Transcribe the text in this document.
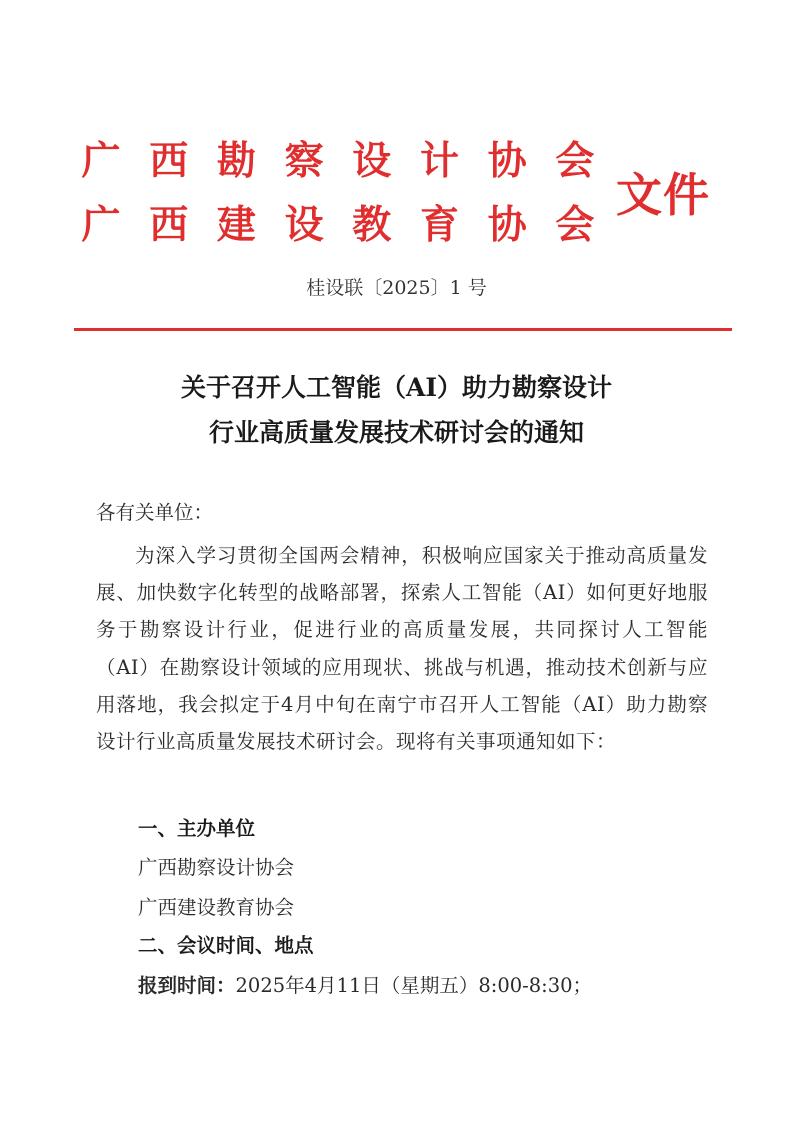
广 西 勘 察 设 计 协 会
广 西 建 设 教 育 协 会
文件
桂设联〔2025〕1 号
关于召开人工智能（AI）助力勘察设计
行业高质量发展技术研讨会的通知
各有关单位：
为深入学习贯彻全国两会精神，积极响应国家关于推动高质量发展、加快数字化转型的战略部署，探索人工智能（AI）如何更好地服务于勘察设计行业，促进行业的高质量发展，共同探讨人工智能（AI）在勘察设计领域的应用现状、挑战与机遇，推动技术创新与应用落地，我会拟定于4月中旬在南宁市召开人工智能（AI）助力勘察设计行业高质量发展技术研讨会。现将有关事项通知如下：
一、主办单位
广西勘察设计协会
广西建设教育协会
二、会议时间、地点
报到时间：2025年4月11日（星期五）8:00-8:30；
